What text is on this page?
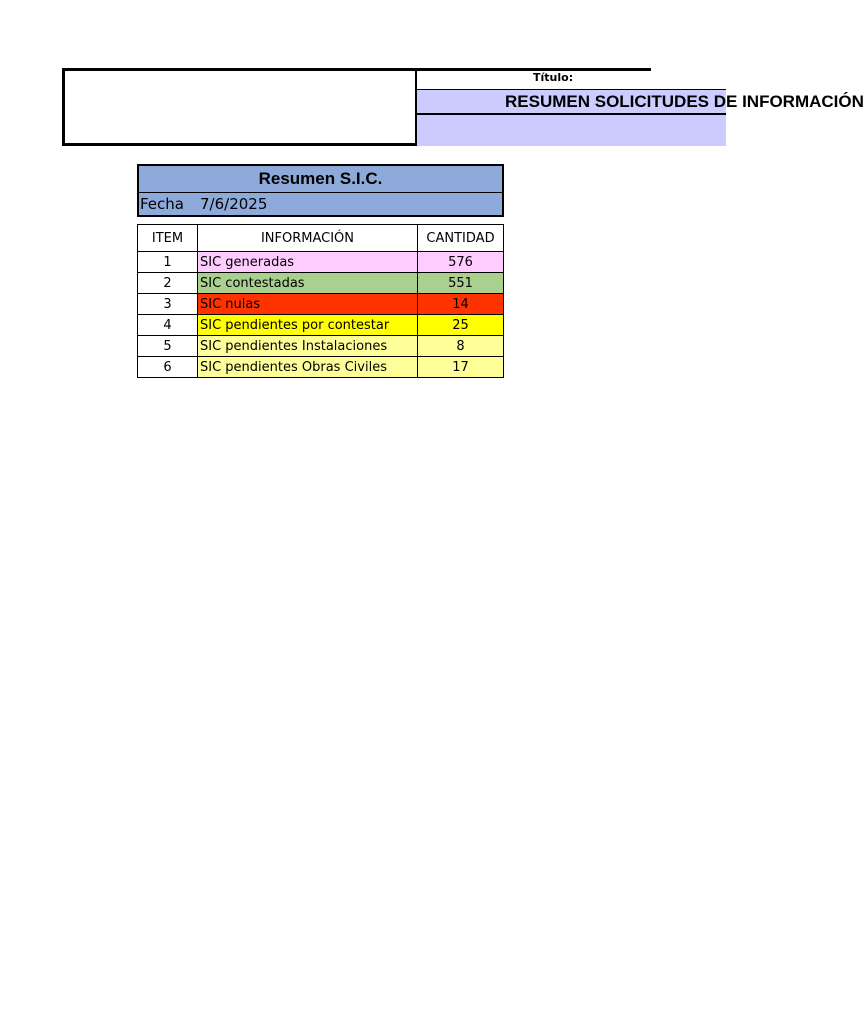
Título:
RESUMEN SOLICITUDES DE INFORMACIÓN
Resumen S.I.C.
Fecha 7/6/2025
ITEM	INFORMACIÓN	CANTIDAD
1	SIC generadas	576
2	SIC contestadas	551
3	SIC nulas	14
4	SIC pendientes por contestar	25
5	SIC pendientes Instalaciones	8
6	SIC pendientes Obras Civiles	17
